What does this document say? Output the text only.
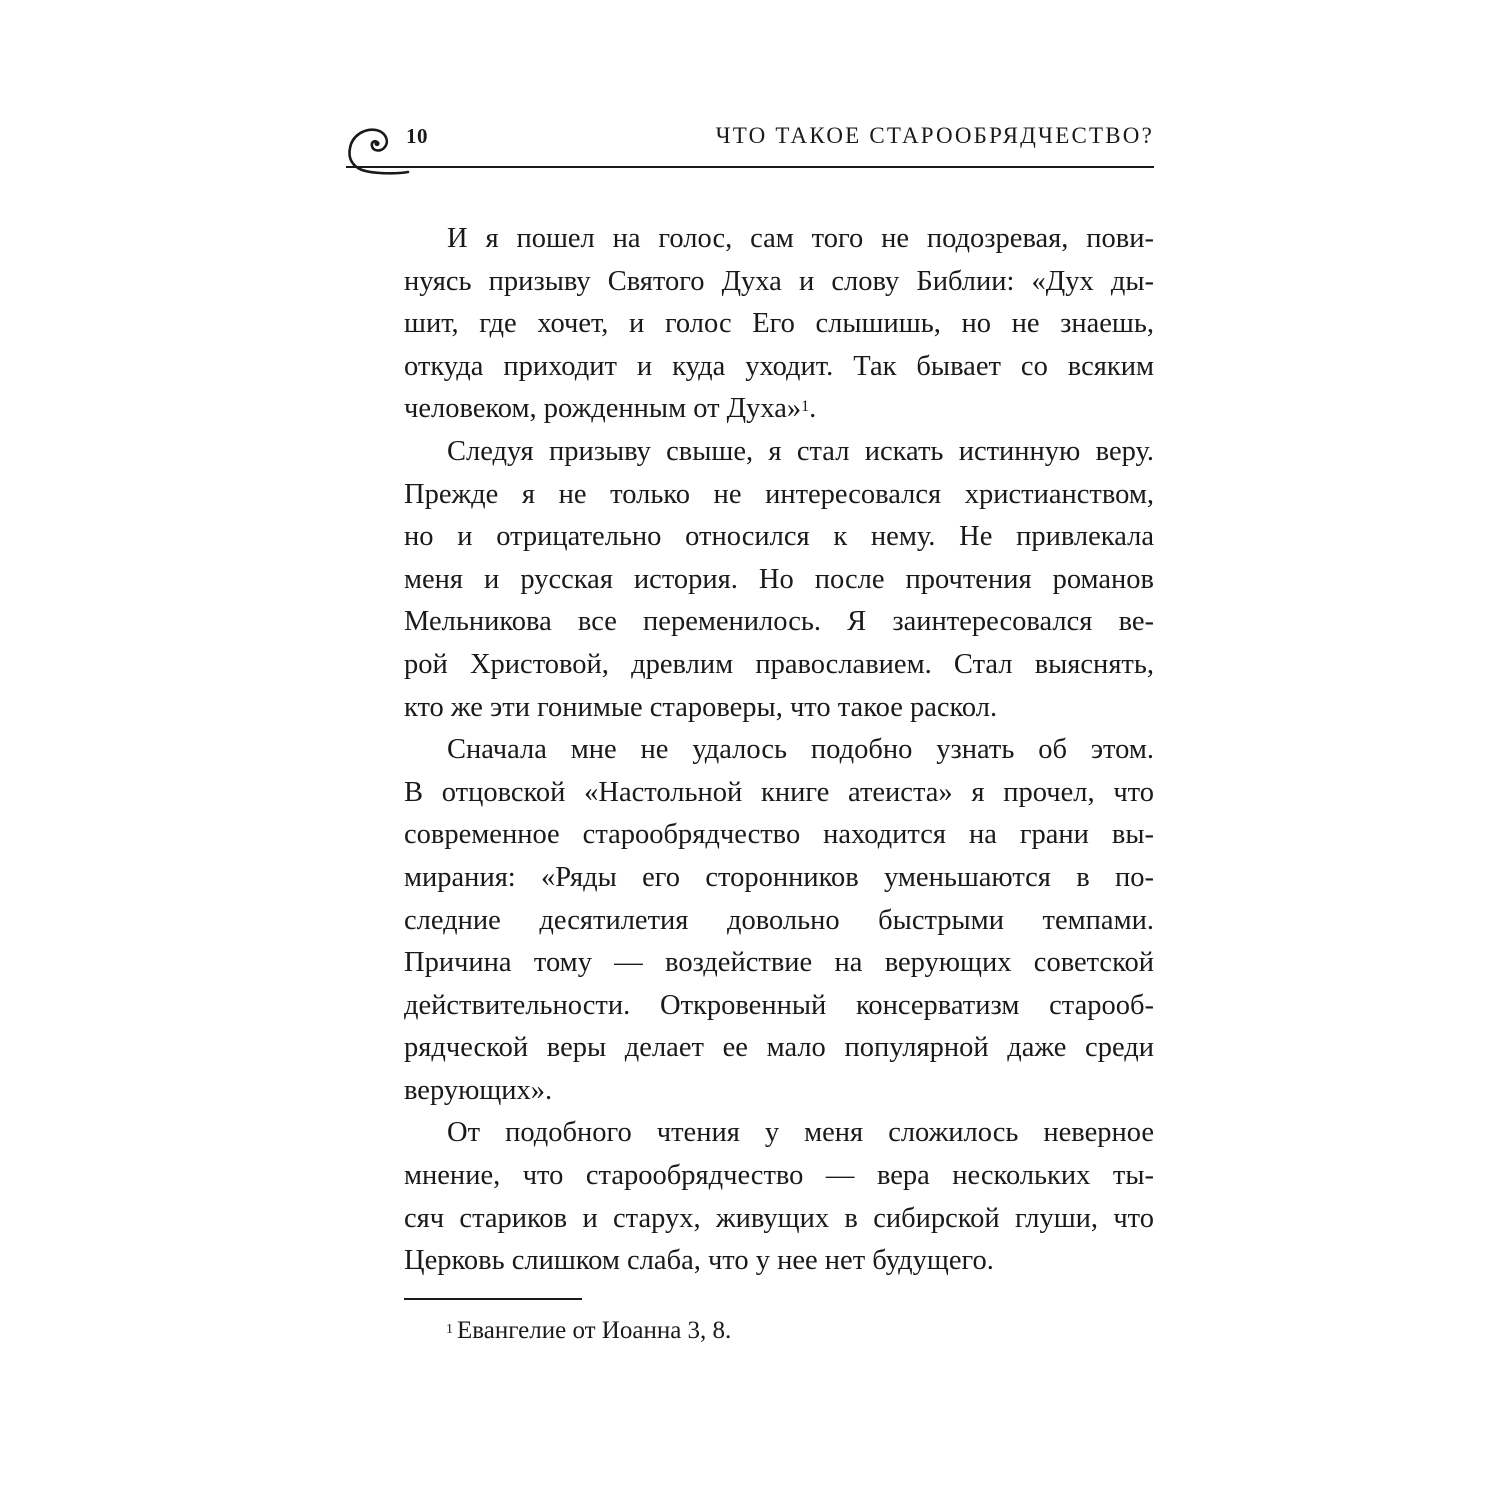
10	ЧТО ТАКОЕ СТАРООБРЯДЧЕСТВО?

И я пошел на голос, сам того не подозревая, пови-
нуясь призыву Святого Духа и слову Библии: «Дух ды-
шит, где хочет, и голос Его слышишь, но не знаешь,
откуда приходит и куда уходит. Так бывает со всяким
человеком, рожденным от Духа»$^1$.

Следуя призыву свыше, я стал искать истинную веру.
Прежде я не только не интересовался христианством,
но и отрицательно относился к нему. Не привлекала
меня и русская история. Но после прочтения романов
Мельникова все переменилось. Я заинтересовался ве-
рой Христовой, древлим православием. Стал выяснять,
кто же эти гонимые староверы, что такое раскол.

Сначала мне не удалось подобно узнать об этом.
В отцовской «Настольной книге атеиста» я прочел, что
современное старообрядчество находится на грани вы-
мирания: «Ряды его сторонников уменьшаются в по-
следние десятилетия довольно быстрыми темпами.
Причина тому — воздействие на верующих советской
действительности. Откровенный консерватизм старооб-
рядческой веры делает ее мало популярной даже среди
верующих».

От подобного чтения у меня сложилось неверное
мнение, что старообрядчество — вера нескольких ты-
сяч стариков и старух, живущих в сибирской глуши, что
Церковь слишком слаба, что у нее нет будущего.

$^1$ Евангелие от Иоанна 3, 8.
